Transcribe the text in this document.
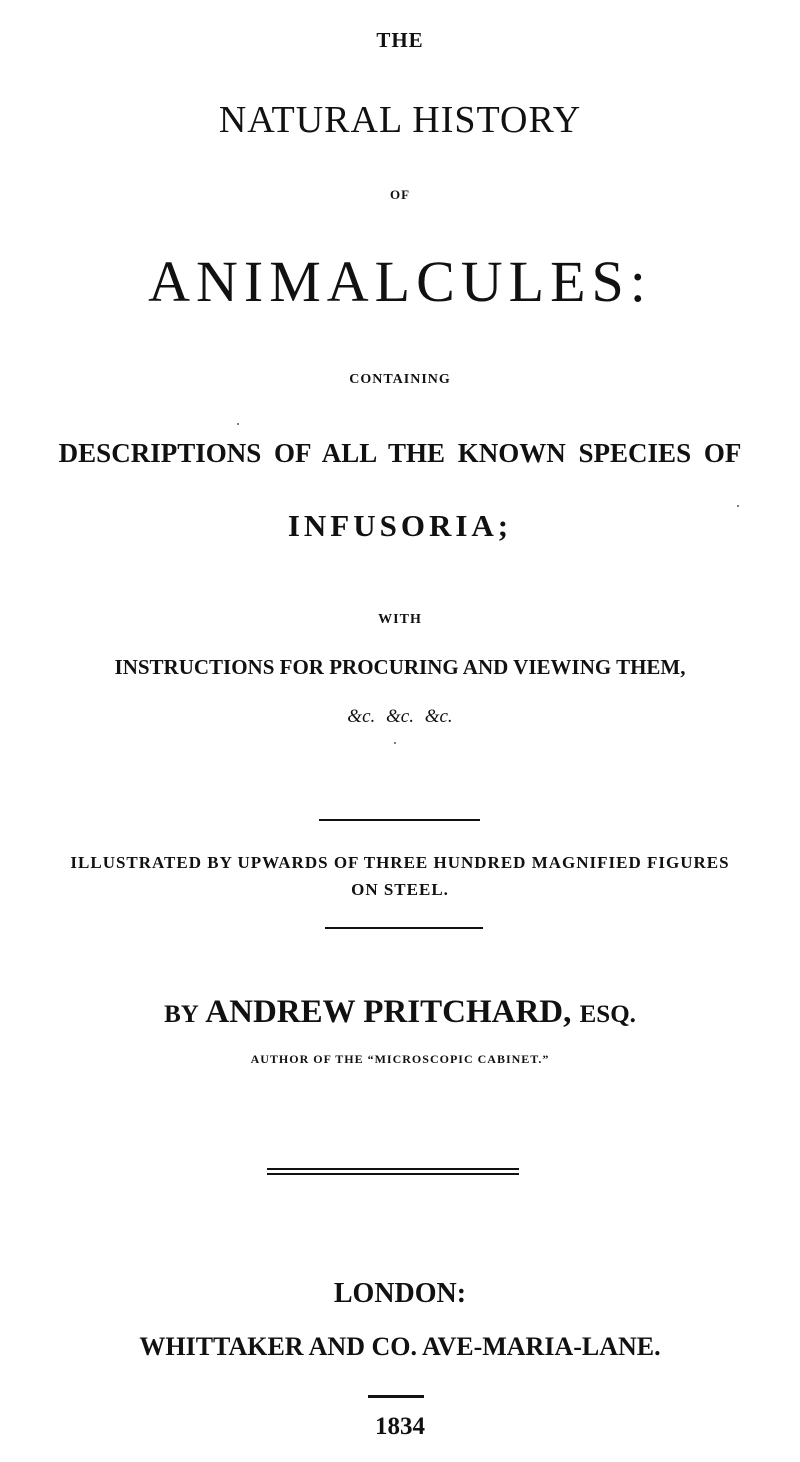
THE
NATURAL HISTORY
OF
ANIMALCULES:
CONTAINING
DESCRIPTIONS OF ALL THE KNOWN SPECIES OF
INFUSORIA;
WITH
INSTRUCTIONS FOR PROCURING AND VIEWING THEM,
&c. &c. &c.
ILLUSTRATED BY UPWARDS OF THREE HUNDRED MAGNIFIED FIGURES
ON STEEL.
BY ANDREW PRITCHARD, ESQ.
AUTHOR OF THE “MICROSCOPIC CABINET.”
LONDON:
WHITTAKER AND CO. AVE-MARIA-LANE.
1834
